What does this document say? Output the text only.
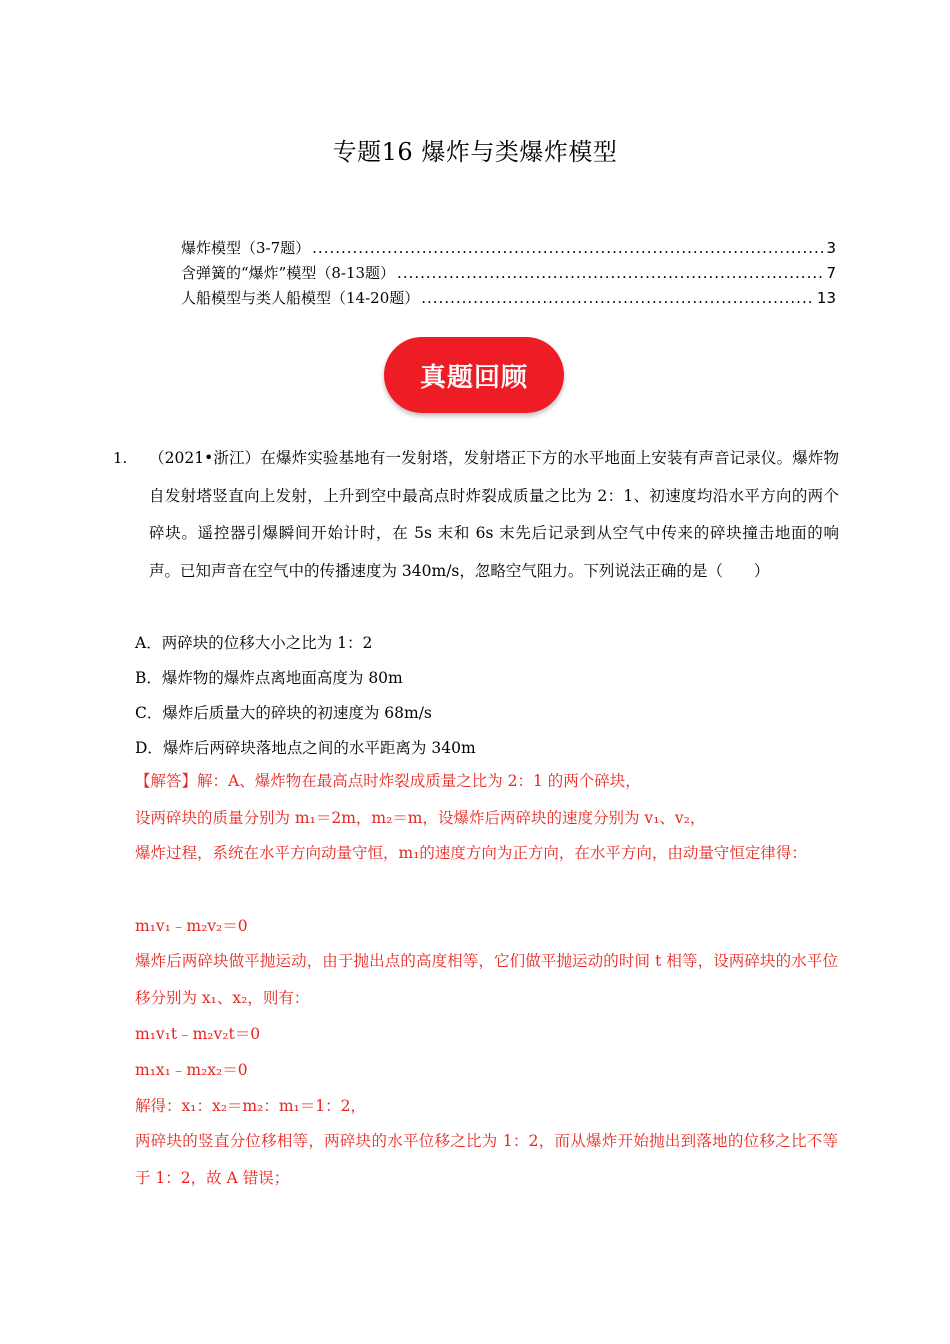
专题16 爆炸与类爆炸模型
爆炸模型（3-7题） .....	3
含弹簧的“爆炸”模型（8-13题） .....	7
人船模型与类人船模型（14-20题） .....	13
真题回顾
1. （2021•浙江）在爆炸实验基地有一发射塔，发射塔正下方的水平地面上安装有声音记录仪。爆炸物自发射塔竖直向上发射，上升到空中最高点时炸裂成质量之比为 2：1、初速度均沿水平方向的两个碎块。遥控器引爆瞬间开始计时，在 5s 末和 6s 末先后记录到从空气中传来的碎块撞击地面的响声。已知声音在空气中的传播速度为 340m/s，忽略空气阻力。下列说法正确的是（　　）
A．两碎块的位移大小之比为 1：2
B．爆炸物的爆炸点离地面高度为 80m
C．爆炸后质量大的碎块的初速度为 68m/s
D．爆炸后两碎块落地点之间的水平距离为 340m
【解答】解：A、爆炸物在最高点时炸裂成质量之比为 2：1 的两个碎块，
设两碎块的质量分别为 m₁＝2m，m₂＝m，设爆炸后两碎块的速度分别为 v₁、v₂，
爆炸过程，系统在水平方向动量守恒，m₁的速度方向为正方向，在水平方向，由动量守恒定律得：
m₁v₁﹣m₂v₂＝0
爆炸后两碎块做平抛运动，由于抛出点的高度相等，它们做平抛运动的时间 t 相等，设两碎块的水平位移分别为 x₁、x₂，则有：
m₁v₁t﹣m₂v₂t＝0
m₁x₁﹣m₂x₂＝0
解得：x₁：x₂＝m₂：m₁＝1：2，
两碎块的竖直分位移相等，两碎块的水平位移之比为 1：2，而从爆炸开始抛出到落地的位移之比不等于 1：2，故 A 错误；
